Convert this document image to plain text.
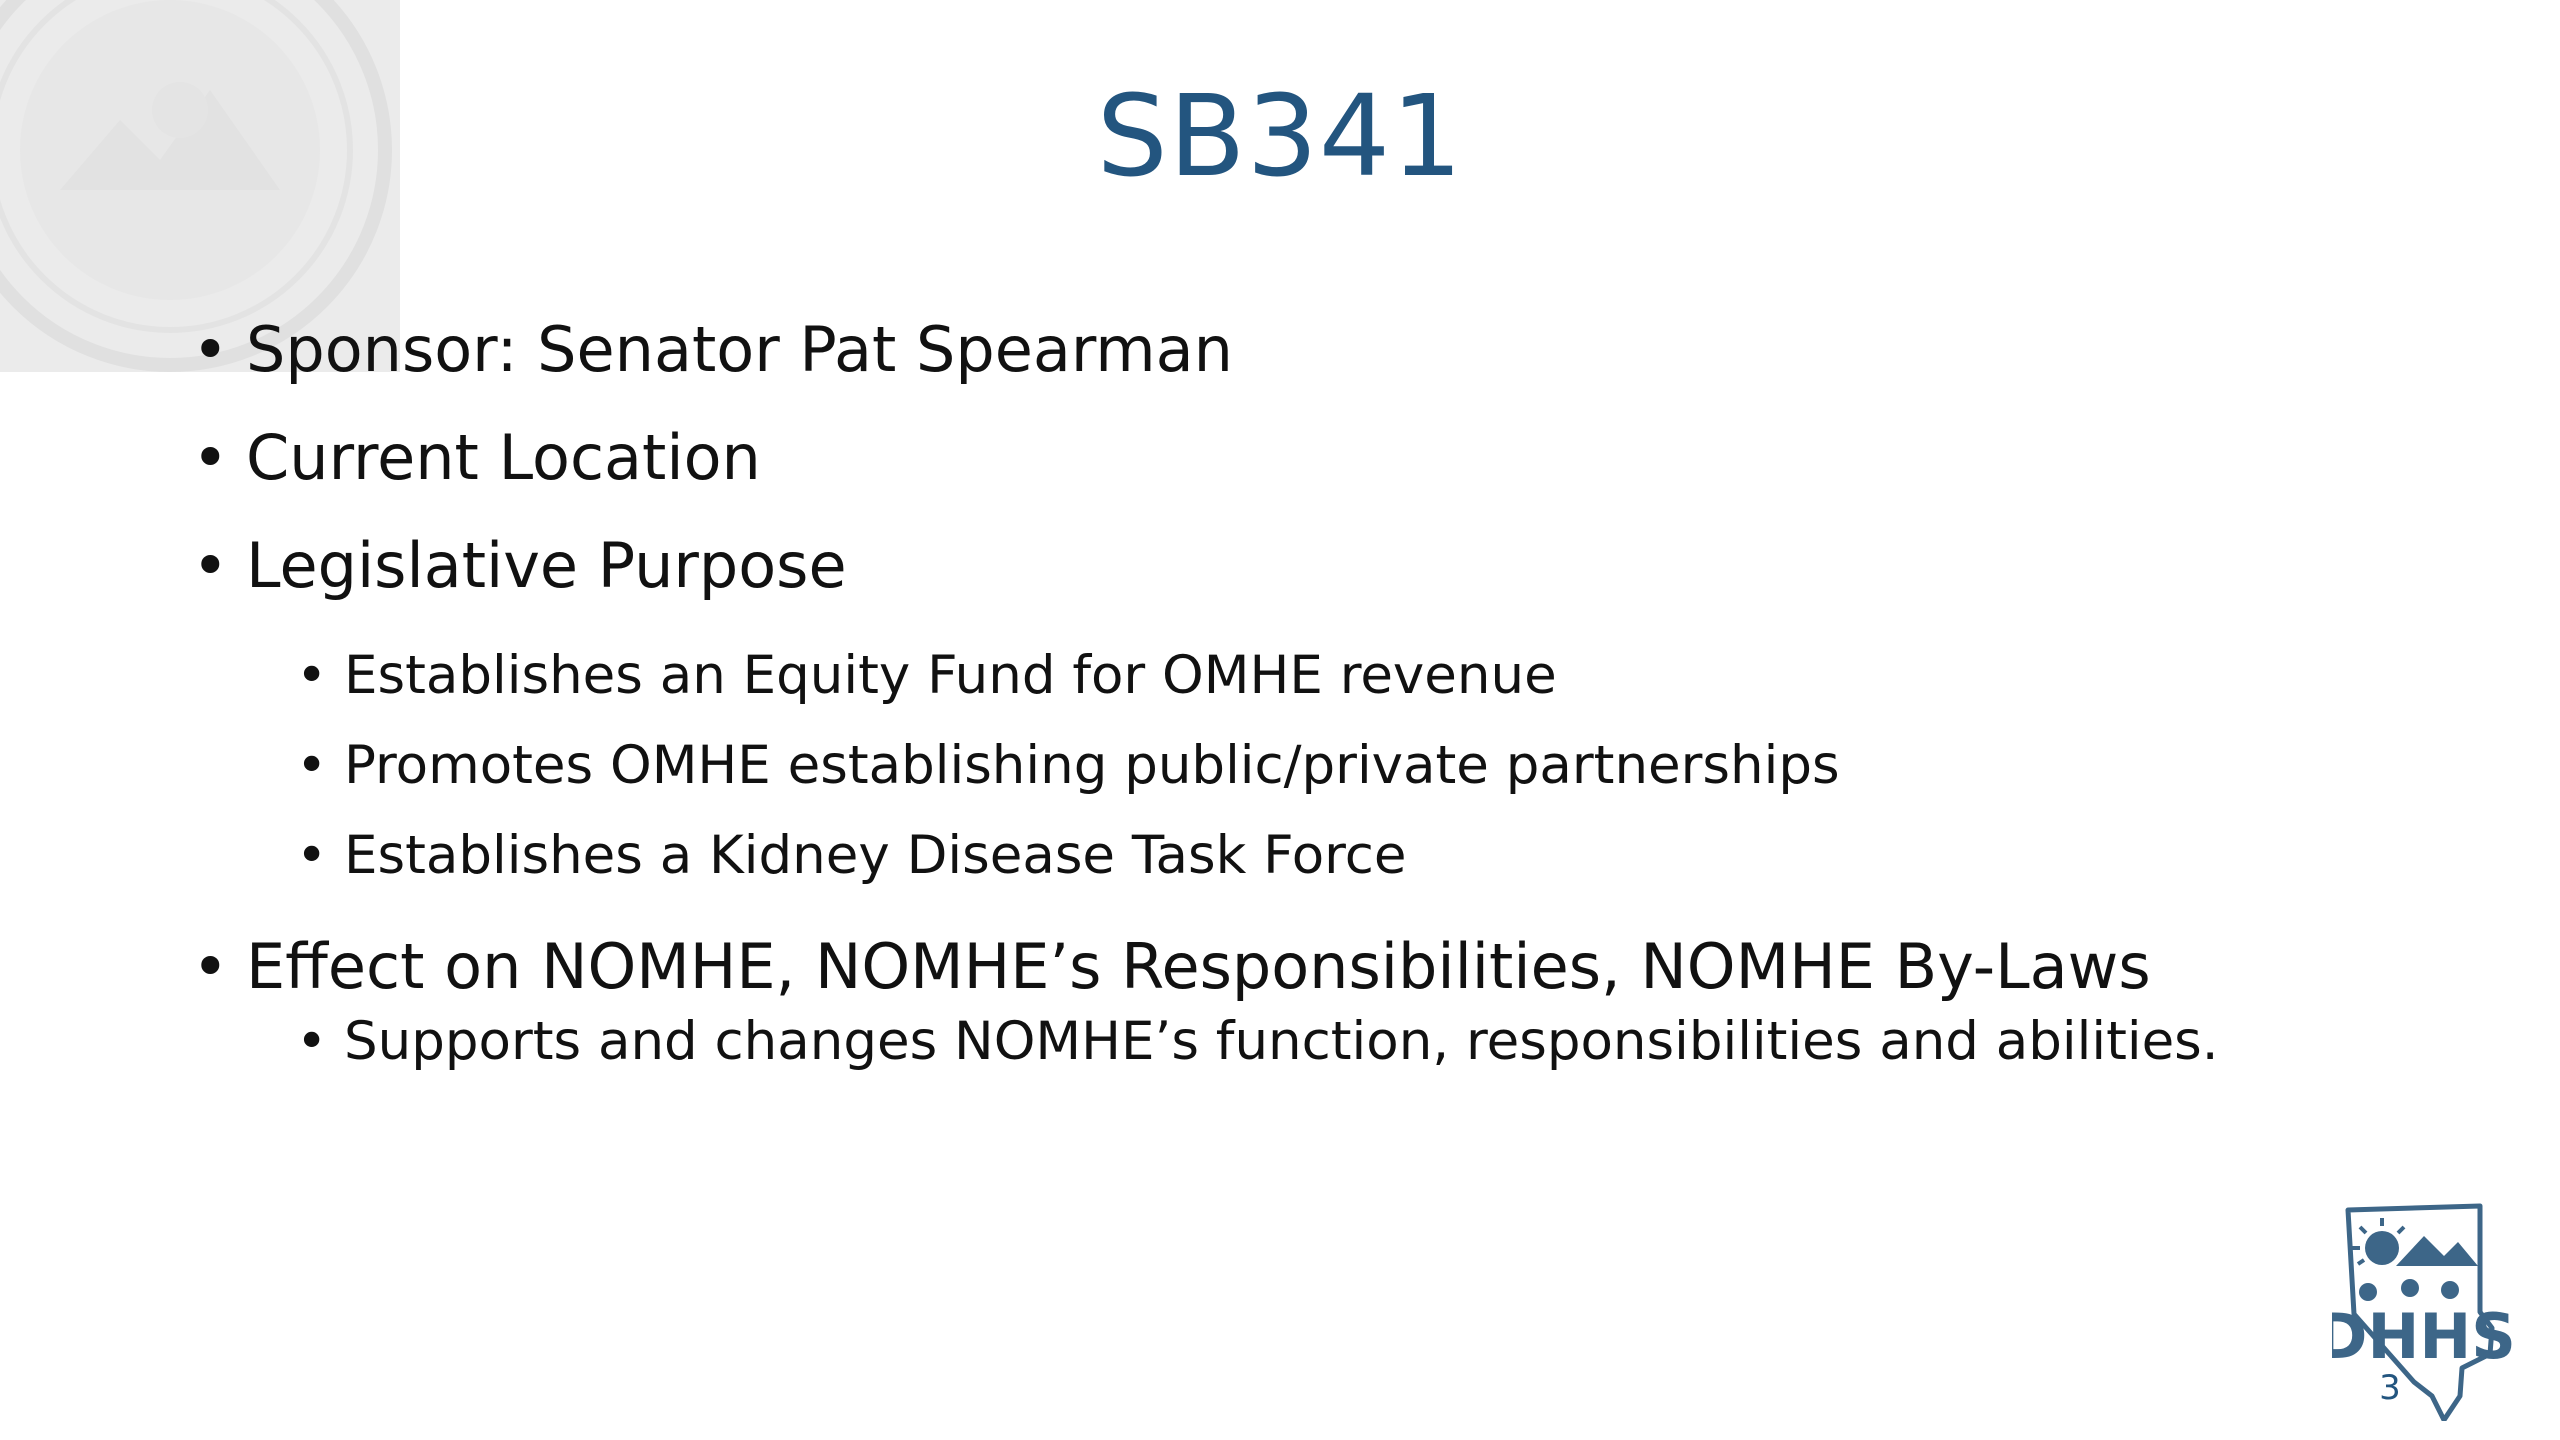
SB341
• Sponsor: Senator Pat Spearman
• Current Location
• Legislative Purpose
• Establishes an Equity Fund for OMHE revenue
• Promotes OMHE establishing public/private partnerships
• Establishes a Kidney Disease Task Force
• Effect on NOMHE, NOMHE’s Responsibilities, NOMHE By-Laws
• Supports and changes NOMHE’s function, responsibilities and abilities.
DHHS
3
